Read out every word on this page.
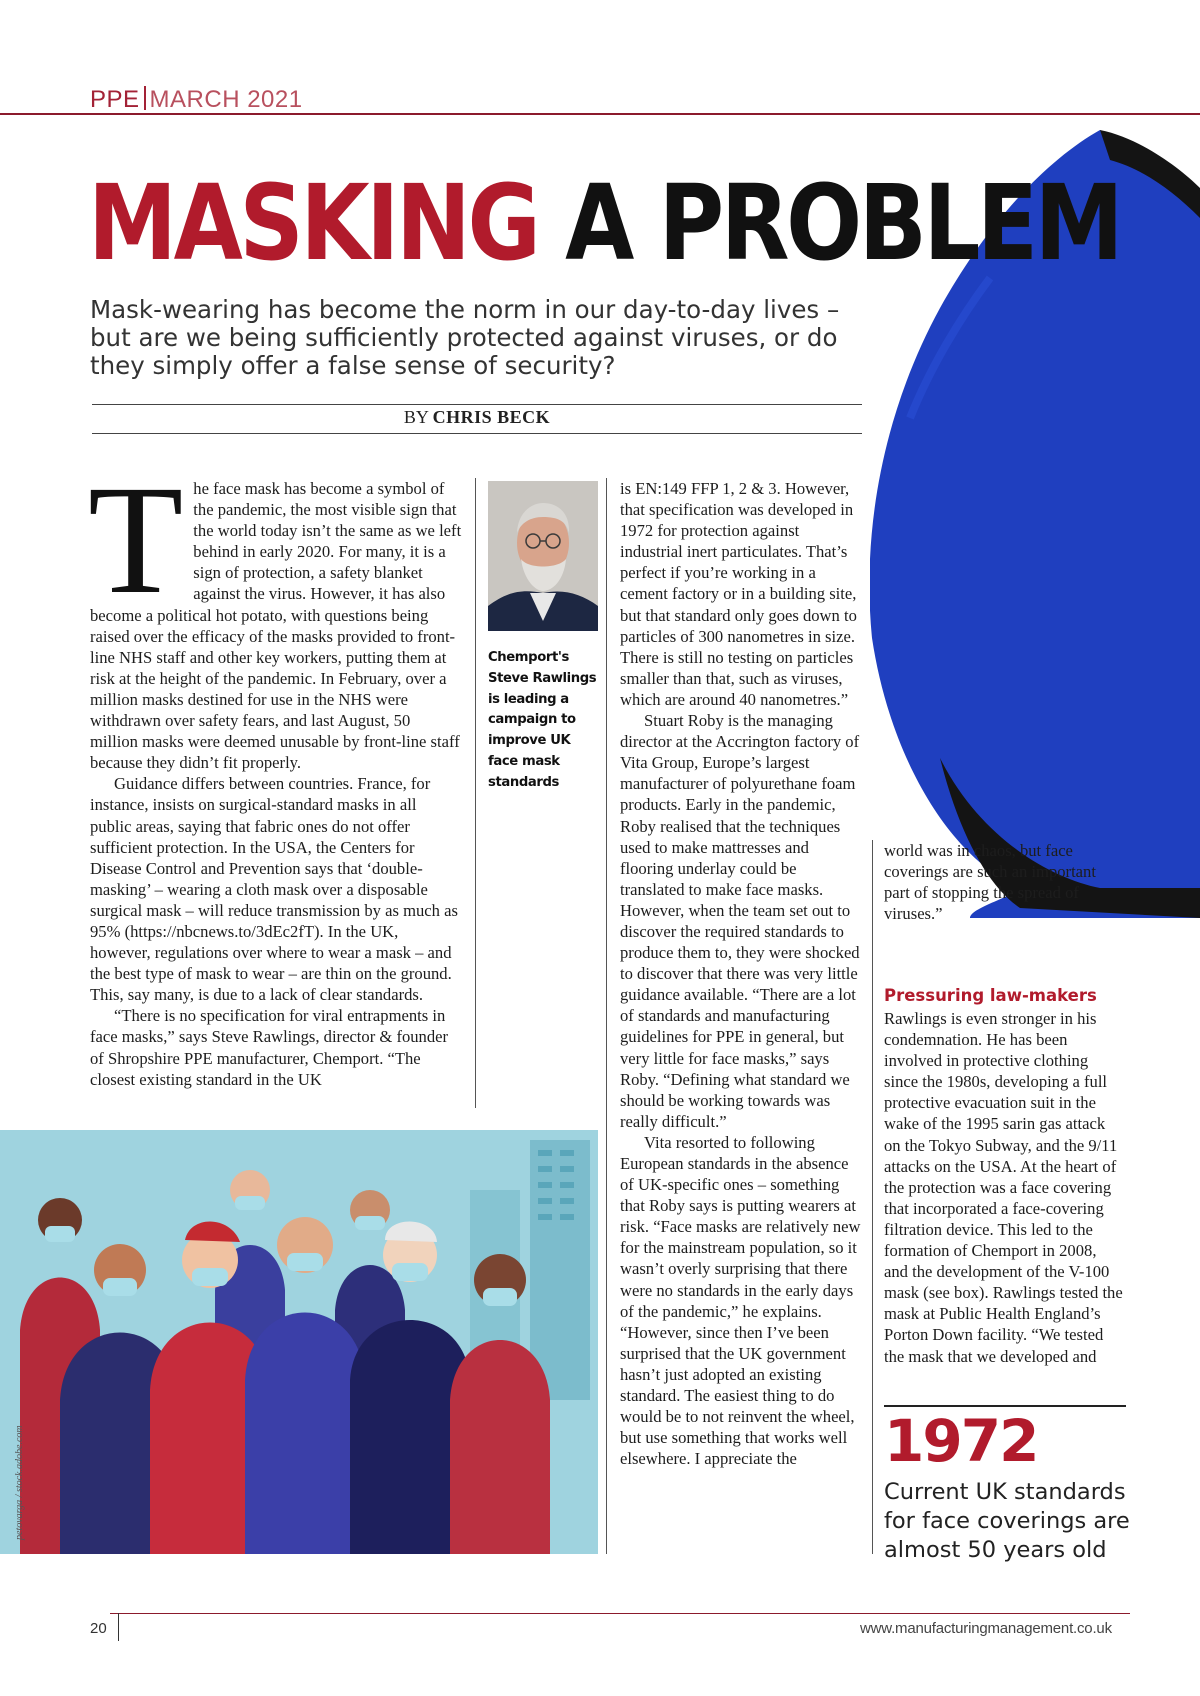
PPE MARCH 2021
MASKING A PROBLEM
Mask-wearing has become the norm in our day-to-day lives – but are we being sufficiently protected against viruses, or do they simply offer a false sense of security?
BY CHRIS BECK

The face mask has become a symbol of the pandemic, the most visible sign that the world today isn’t the same as we left behind in early 2020. For many, it is a sign of protection, a safety blanket against the virus. However, it has also become a political hot potato, with questions being raised over the efficacy of the masks provided to front-line NHS staff and other key workers, putting them at risk at the height of the pandemic. In February, over a million masks destined for use in the NHS were withdrawn over safety fears, and last August, 50 million masks were deemed unusable by front-line staff because they didn’t fit properly.

Guidance differs between countries. France, for instance, insists on surgical-standard masks in all public areas, saying that fabric ones do not offer sufficient protection. In the USA, the Centers for Disease Control and Prevention says that ‘double-masking’ – wearing a cloth mask over a disposable surgical mask – will reduce transmission by as much as 95% (https://nbcnews.to/3dEc2fT). In the UK, however, regulations over where to wear a mask – and the best type of mask to wear – are thin on the ground. This, say many, is due to a lack of clear standards.

“There is no specification for viral entrapments in face masks,” says Steve Rawlings, director & founder of Shropshire PPE manufacturer, Chemport. “The closest existing standard in the UK

Chemport's Steve Rawlings is leading a campaign to improve UK face mask standards

is EN:149 FFP 1, 2 & 3. However, that specification was developed in 1972 for protection against industrial inert particulates. That’s perfect if you’re working in a cement factory or in a building site, but that standard only goes down to particles of 300 nanometres in size. There is still no testing on particles smaller than that, such as viruses, which are around 40 nanometres.”

Stuart Roby is the managing director at the Accrington factory of Vita Group, Europe’s largest manufacturer of polyurethane foam products. Early in the pandemic, Roby realised that the techniques used to make mattresses and flooring underlay could be translated to make face masks. However, when the team set out to discover the required standards to produce them to, they were shocked to discover that there was very little guidance available. “There are a lot of standards and manufacturing guidelines for PPE in general, but very little for face masks,” says Roby. “Defining what standard we should be working towards was really difficult.”

Vita resorted to following European standards in the absence of UK-specific ones – something that Roby says is putting wearers at risk. “Face masks are relatively new for the mainstream population, so it wasn’t overly surprising that there were no standards in the early days of the pandemic,” he explains. “However, since then I’ve been surprised that the UK government hasn’t just adopted an existing standard. The easiest thing to do would be to not reinvent the wheel, but use something that works well elsewhere. I appreciate the

world was in chaos, but face coverings are such an important part of stopping the spread of viruses.”

Pressuring law-makers

Rawlings is even stronger in his condemnation. He has been involved in protective clothing since the 1980s, developing a full protective evacuation suit in the wake of the 1995 sarin gas attack on the Tokyo Subway, and the 9/11 attacks on the USA. At the heart of the protection was a face covering that incorporated a face-covering filtration device. This led to the formation of Chemport in 2008, and the development of the V-100 mask (see box). Rawlings tested the mask at Public Health England’s Porton Down facility. “We tested the mask that we developed and

1972
Current UK standards for face coverings are almost 50 years old
petovarga / stock.adobe.com
20	www.manufacturingmanagement.co.uk
